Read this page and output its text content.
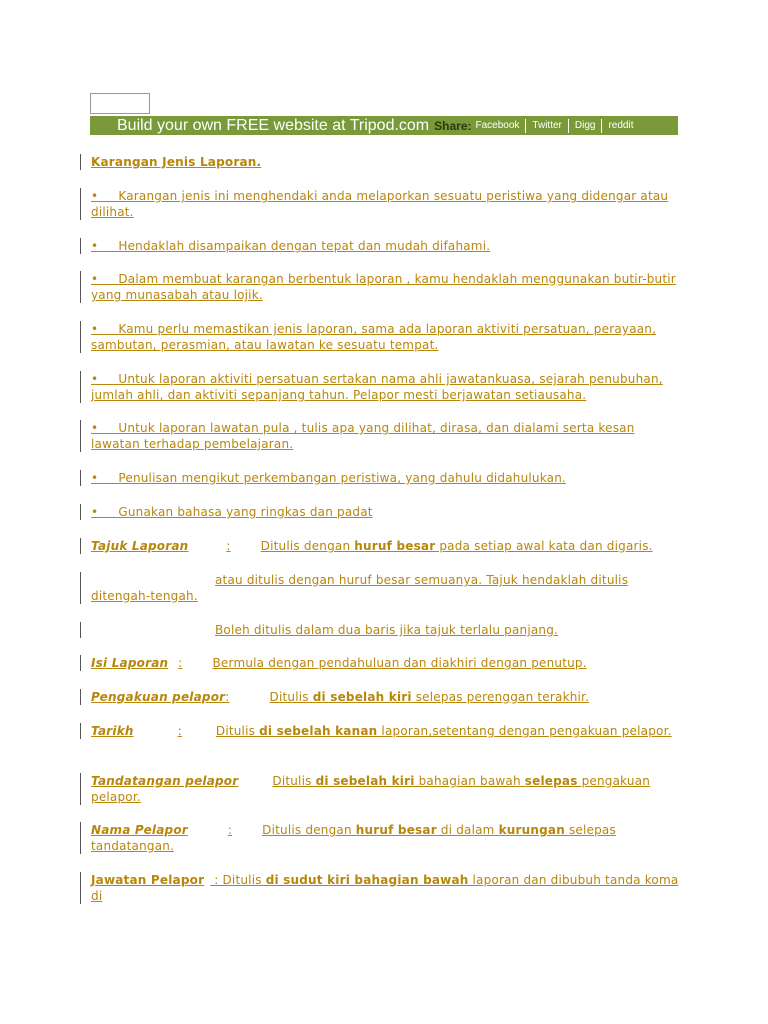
Build your own FREE website at Tripod.com Share: Facebook Twitter Digg reddit
Karangan Jenis Laporan.
• Karangan jenis ini menghendaki anda melaporkan sesuatu peristiwa yang didengar atau dilihat.
• Hendaklah disampaikan dengan tepat dan mudah difahami.
• Dalam membuat karangan berbentuk laporan , kamu hendaklah menggunakan butir-butir yang munasabah atau lojik.
• Kamu perlu memastikan jenis laporan, sama ada laporan aktiviti persatuan, perayaan, sambutan, perasmian, atau lawatan ke sesuatu tempat.
• Untuk laporan aktiviti persatuan sertakan nama ahli jawatankuasa, sejarah penubuhan, jumlah ahli, dan aktiviti sepanjang tahun. Pelapor mesti berjawatan setiausaha.
• Untuk laporan lawatan pula , tulis apa yang dilihat, dirasa, dan dialami serta kesan lawatan terhadap pembelajaran.
• Penulisan mengikut perkembangan peristiwa, yang dahulu didahulukan.
• Gunakan bahasa yang ringkas dan padat
Tajuk Laporan	:	Ditulis dengan huruf besar pada setiap awal kata dan digaris.
atau ditulis dengan huruf besar semuanya. Tajuk hendaklah ditulis ditengah-tengah.
Boleh ditulis dalam dua baris jika tajuk terlalu panjang.
Isi Laporan :	Bermula dengan pendahuluan dan diakhiri dengan penutup.
Pengakuan pelapor:	Ditulis di sebelah kiri selepas perenggan terakhir.
Tarikh	:	Ditulis di sebelah kanan laporan,setentang dengan pengakuan pelapor.
Tandatangan pelapor	Ditulis di sebelah kiri bahagian bawah selepas pengakuan pelapor.
Nama Pelapor	:	Ditulis dengan huruf besar di dalam kurungan selepas tandatangan.
Jawatan Pelapor : Ditulis di sudut kiri bahagian bawah laporan dan dibubuh tanda koma di
